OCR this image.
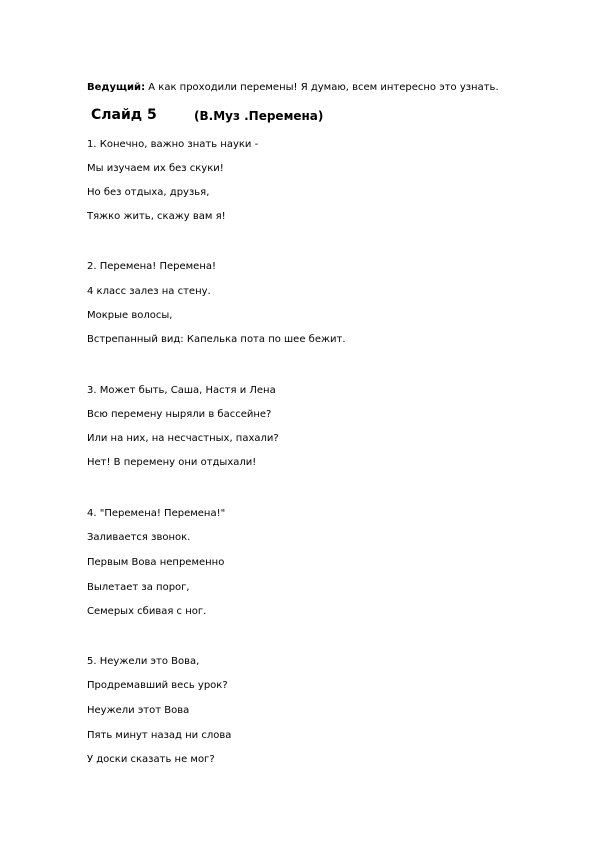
Ведущий: А как проходили перемены! Я думаю, всем интересно это узнать.
Слайд 5	(В.Муз .Перемена)
1. Конечно, важно знать науки -
Мы изучаем их без скуки!
Но без отдыха, друзья,
Тяжко жить, скажу вам я!
2. Перемена! Перемена!
4 класс залез на стену.
Мокрые волосы,
Встрепанный вид: Капелька пота по шее бежит.
3. Может быть, Саша, Настя и Лена
Всю перемену ныряли в бассейне?
Или на них, на несчастных, пахали?
Нет! В перемену они отдыхали!
4. "Перемена! Перемена!"
Заливается звонок.
Первым Вова непременно
Вылетает за порог,
Семерых сбивая с ног.
5. Неужели это Вова,
Продремавший весь урок?
Неужели этот Вова
Пять минут назад ни слова
У доски сказать не мог?
